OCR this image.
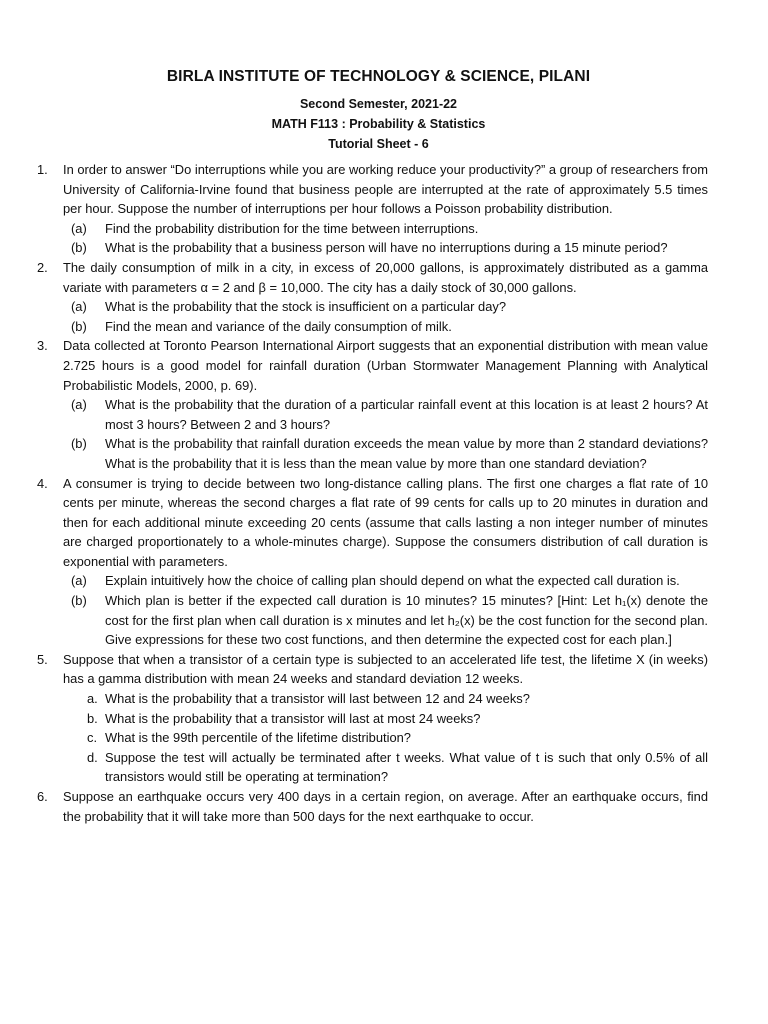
BIRLA INSTITUTE OF TECHNOLOGY & SCIENCE, PILANI
Second Semester, 2021-22
MATH F113 : Probability & Statistics
Tutorial Sheet - 6
1.	In order to answer “Do interruptions while you are working reduce your productivity?” a group of researchers from University of California-Irvine found that business people are interrupted at the rate of approximately 5.5 times per hour. Suppose the number of interruptions per hour follows a Poisson probability distribution.

(a)	Find the probability distribution for the time between interruptions.
(b)	What is the probability that a business person will have no interruptions during a 15 minute period?
2.	The daily consumption of milk in a city, in excess of 20,000 gallons, is approximately distributed as a gamma variate with parameters α = 2 and β = 10,000. The city has a daily stock of 30,000 gallons.

(a)	What is the probability that the stock is insufficient on a particular day?
(b)	Find the mean and variance of the daily consumption of milk.
3.	Data collected at Toronto Pearson International Airport suggests that an exponential distribution with mean value 2.725 hours is a good model for rainfall duration (Urban Stormwater Management Planning with Analytical Probabilistic Models, 2000, p. 69).

(a)	What is the probability that the duration of a particular rainfall event at this location is at least 2 hours? At most 3 hours? Between 2 and 3 hours?
(b)	What is the probability that rainfall duration exceeds the mean value by more than 2 standard deviations? What is the probability that it is less than the mean value by more than one standard deviation?
4.	A consumer is trying to decide between two long-distance calling plans. The first one charges a flat rate of 10 cents per minute, whereas the second charges a flat rate of 99 cents for calls up to 20 minutes in duration and then for each additional minute exceeding 20 cents (assume that calls lasting a non integer number of minutes are charged proportionately to a whole-minutes charge). Suppose the consumers distribution of call duration is exponential with parameters.

(a)	Explain intuitively how the choice of calling plan should depend on what the expected call duration is.
(b)	Which plan is better if the expected call duration is 10 minutes? 15 minutes? [Hint: Let h₁(x) denote the cost for the first plan when call duration is x minutes and let h₂(x) be the cost function for the second plan. Give expressions for these two cost functions, and then determine the expected cost for each plan.]
5.	Suppose that when a transistor of a certain type is subjected to an accelerated life test, the lifetime X (in weeks) has a gamma distribution with mean 24 weeks and standard deviation 12 weeks.

a. What is the probability that a transistor will last between 12 and 24 weeks?
b. What is the probability that a transistor will last at most 24 weeks?
c. What is the 99th percentile of the lifetime distribution?
d. Suppose the test will actually be terminated after t weeks. What value of t is such that only 0.5% of all transistors would still be operating at termination?
6.	Suppose an earthquake occurs very 400 days in a certain region, on average. After an earthquake occurs, find the probability that it will take more than 500 days for the next earthquake to occur.
